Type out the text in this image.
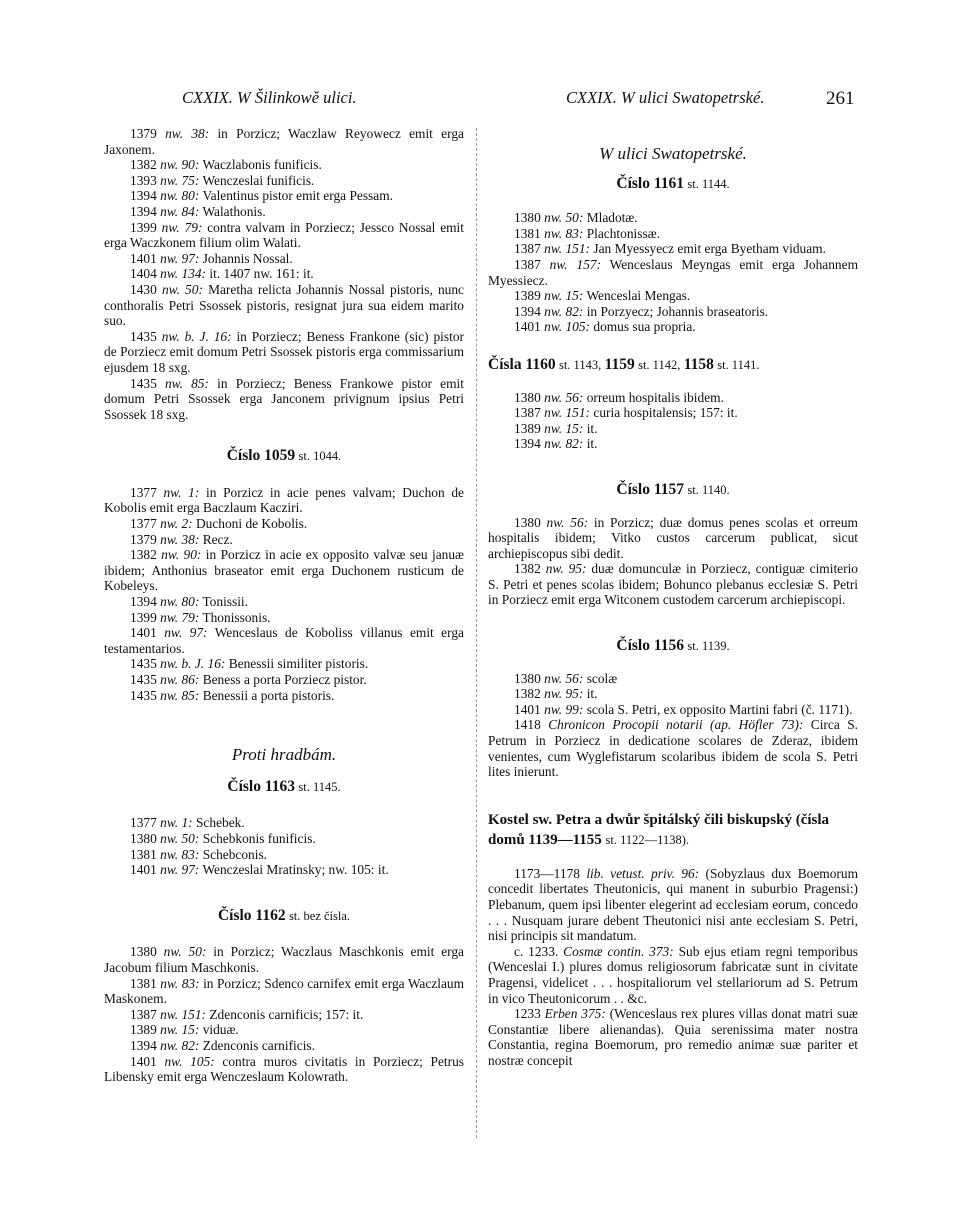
CXXIX. W Šilinkowě ulici.	CXXIX. W ulici Swatopetrské.	261

1379 nw. 38: in Porzicz; Waczlaw Reyowecz emit erga Jaxonem.

1382 nw. 90: Waczlabonis funificis.

1393 nw. 75: Wenczeslai funificis.

1394 nw. 80: Valentinus pistor emit erga Pessam.

1394 nw. 84: Walathonis.

1399 nw. 79: contra valvam in Porziecz; Jessco Nossal emit erga Waczkonem filium olim Walati.

1401 nw. 97: Johannis Nossal.

1404 nw. 134: it. 1407 nw. 161: it.

1430 nw. 50: Maretha relicta Johannis Nossal pistoris, nunc conthoralis Petri Ssossek pistoris, resignat jura sua eidem marito suo.

1435 nw. b. J. 16: in Porziecz; Beness Frankone (sic) pistor de Porziecz emit domum Petri Ssossek pistoris erga commissarium ejusdem 18 sxg.

1435 nw. 85: in Porziecz; Beness Frankowe pistor emit domum Petri Ssossek erga Janconem privignum ipsius Petri Ssossek 18 sxg.

Číslo 1059 st. 1044.

1377 nw. 1: in Porzicz in acie penes valvam; Duchon de Kobolis emit erga Baczlaum Kacziri.

1377 nw. 2: Duchoni de Kobolis.

1379 nw. 38: Recz.

1382 nw. 90: in Porzicz in acie ex opposito valvæ seu januæ ibidem; Anthonius braseator emit erga Duchonem rusticum de Kobeleys.

1394 nw. 80: Tonissii.

1399 nw. 79: Thonissonis.

1401 nw. 97: Wenceslaus de Koboliss villanus emit erga testamentarios.

1435 nw. b. J. 16: Benessii similiter pistoris.

1435 nw. 86: Beness a porta Porziecz pistor.

1435 nw. 85: Benessii a porta pistoris.

Proti hradbám.
Číslo 1163 st. 1145.

1377 nw. 1: Schebek.

1380 nw. 50: Schebkonis funificis.

1381 nw. 83: Schebconis.

1401 nw. 97: Wenczeslai Mratinsky; nw. 105: it.

Číslo 1162 st. bez čísla.

1380 nw. 50: in Porzicz; Waczlaus Maschkonis emit erga Jacobum filium Maschkonis.

1381 nw. 83: in Porzicz; Sdenco carnifex emit erga Waczlaum Maskonem.

1387 nw. 151: Zdenconis carnificis; 157: it.

1389 nw. 15: viduæ.

1394 nw. 82: Zdenconis carnificis.

1401 nw. 105: contra muros civitatis in Porziecz; Petrus Libensky emit erga Wenczeslaum Kolowrath.

W ulici Swatopetrské.
Číslo 1161 st. 1144.

1380 nw. 50: Mladotæ.

1381 nw. 83: Plachtonissæ.

1387 nw. 151: Jan Myessyecz emit erga Byetham viduam.

1387 nw. 157: Wenceslaus Meyngas emit erga Johannem Myessiecz.

1389 nw. 15: Wenceslai Mengas.

1394 nw. 82: in Porzyecz; Johannis braseatoris.

1401 nw. 105: domus sua propria.

Čísla 1160 st. 1143, 1159 st. 1142, 1158 st. 1141.

1380 nw. 56: orreum hospitalis ibidem.

1387 nw. 151: curia hospitalensis; 157: it.

1389 nw. 15: it.

1394 nw. 82: it.

Číslo 1157 st. 1140.

1380 nw. 56: in Porzicz; duæ domus penes scolas et orreum hospitalis ibidem; Vitko custos carcerum publicat, sicut archiepiscopus sibi dedit.

1382 nw. 95: duæ domunculæ in Porziecz, contiguæ cimiterio S. Petri et penes scolas ibidem; Bohunco plebanus ecclesiæ S. Petri in Porziecz emit erga Witconem custodem carcerum archiepiscopi.

Číslo 1156 st. 1139.

1380 nw. 56: scolæ

1382 nw. 95: it.

1401 nw. 99: scola S. Petri, ex opposito Martini fabri (č. 1171).

1418 Chronicon Procopii notarii (ap. Höfler 73): Circa S. Petrum in Porziecz in dedicatione scolares de Zderaz, ibidem venientes, cum Wyglefistarum scolaribus ibidem de scola S. Petri lites inierunt.

Kostel sw. Petra a dwůr špitálský čili biskupský (čísla domů 1139—1155 st. 1122—1138).

1173—1178 lib. vetust. priv. 96: (Sobyzlaus dux Boemorum concedit libertates Theutonicis, qui manent in suburbio Pragensi:) Plebanum, quem ipsi libenter elegerint ad ecclesiam eorum, concedo . . . Nusquam jurare debent Theutonici nisi ante ecclesiam S. Petri, nisi principis sit mandatum.

c. 1233. Cosmæ contin. 373: Sub ejus etiam regni temporibus (Wenceslai I.) plures domus religiosorum fabricatæ sunt in civitate Pragensi, videlicet . . . hospitaliorum vel stellariorum ad S. Petrum in vico Theutonicorum . . &c.

1233 Erben 375: (Wenceslaus rex plures villas donat matri suæ Constantiæ libere alienandas). Quia serenissima mater nostra Constantia, regina Boemorum, pro remedio animæ suæ pariter et nostræ concepit
